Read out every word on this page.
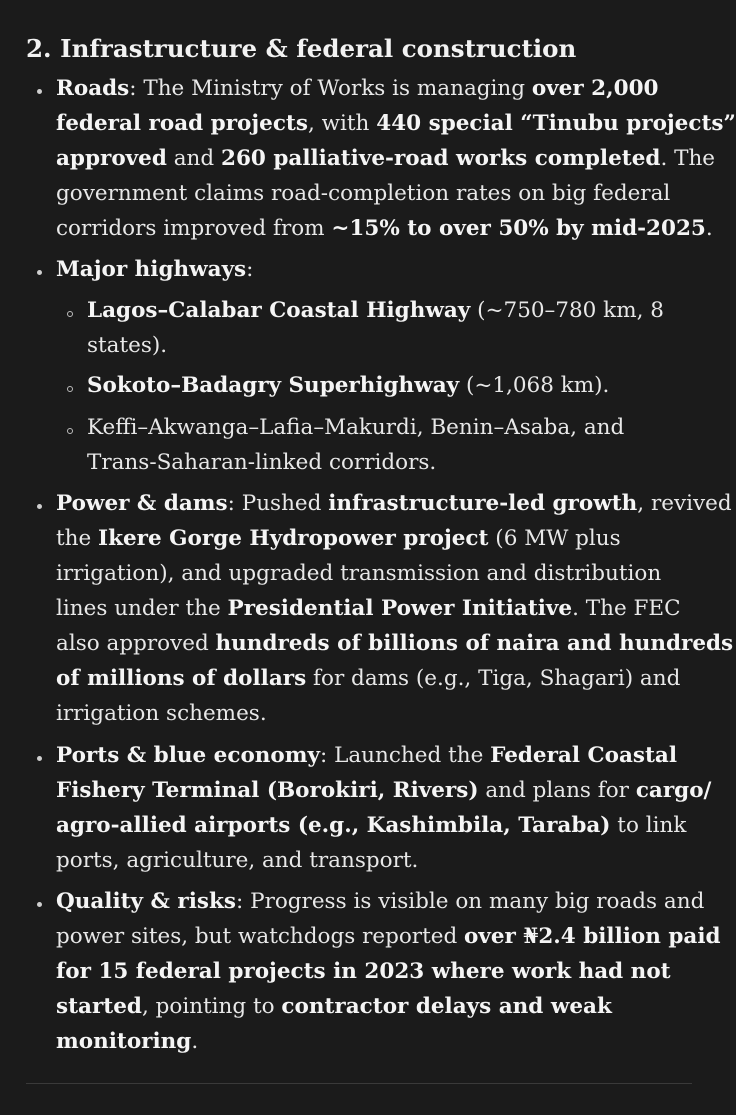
2. Infrastructure & federal construction
Roads: The Ministry of Works is managing over 2,000
federal road projects, with 440 special “Tinubu projects”
approved and 260 palliative-road works completed. The
government claims road-completion rates on big federal
corridors improved from ~15% to over 50% by mid-2025.
Major highways:
Lagos–Calabar Coastal Highway (~750–780 km, 8
states).
Sokoto–Badagry Superhighway (~1,068 km).
Keffi–Akwanga–Lafia–Makurdi, Benin–Asaba, and
Trans-Saharan-linked corridors.
Power & dams: Pushed infrastructure-led growth, revived
the Ikere Gorge Hydropower project (6 MW plus
irrigation), and upgraded transmission and distribution
lines under the Presidential Power Initiative. The FEC
also approved hundreds of billions of naira and hundreds
of millions of dollars for dams (e.g., Tiga, Shagari) and
irrigation schemes.
Ports & blue economy: Launched the Federal Coastal
Fishery Terminal (Borokiri, Rivers) and plans for cargo/
agro-allied airports (e.g., Kashimbila, Taraba) to link
ports, agriculture, and transport.
Quality & risks: Progress is visible on many big roads and
power sites, but watchdogs reported over ₦2.4 billion paid
for 15 federal projects in 2023 where work had not
started, pointing to contractor delays and weak
monitoring.
